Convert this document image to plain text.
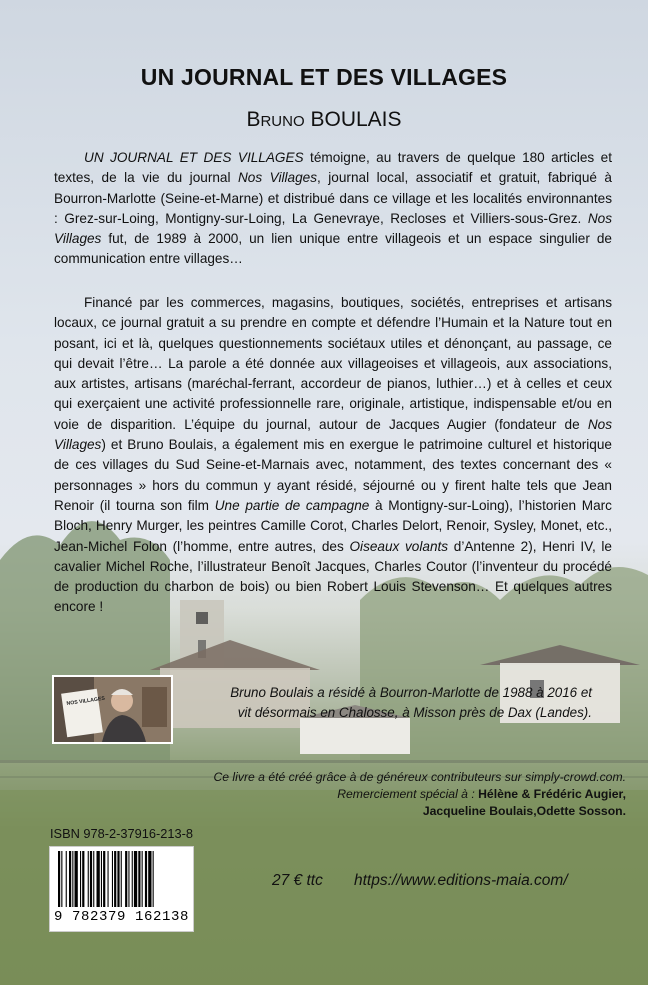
UN JOURNAL ET DES VILLAGES
Bruno BOULAIS

UN JOURNAL ET DES VILLAGES témoigne, au travers de quelque 180 articles et textes, de la vie du journal Nos Villages, journal local, associatif et gratuit, fabriqué à Bourron-Marlotte (Seine-et-Marne) et distribué dans ce village et les localités environnantes : Grez-sur-Loing, Montigny-sur-Loing, La Genevraye, Recloses et Villiers-sous-Grez. Nos Villages fut, de 1989 à 2000, un lien unique entre villageois et un espace singulier de communication entre villages…

Financé par les commerces, magasins, boutiques, sociétés, entreprises et artisans locaux, ce journal gratuit a su prendre en compte et défendre l’Humain et la Nature tout en posant, ici et là, quelques questionnements sociétaux utiles et dénonçant, au passage, ce qui devait l’être… La parole a été donnée aux villageoises et villageois, aux associations, aux artistes, artisans (maréchal-ferrant, accordeur de pianos, luthier…) et à celles et ceux qui exerçaient une activité professionnelle rare, originale, artistique, indispensable et/ou en voie de disparition. L’équipe du journal, autour de Jacques Augier (fondateur de Nos Villages) et Bruno Boulais, a également mis en exergue le patrimoine culturel et historique de ces villages du Sud Seine-et-Marnais avec, notamment, des textes concernant des « personnages » hors du commun y ayant résidé, séjourné ou y firent halte tels que Jean Renoir (il tourna son film Une partie de campagne à Montigny-sur-Loing), l’historien Marc Bloch, Henry Murger, les peintres Camille Corot, Charles Delort, Renoir, Sysley, Monet, etc., Jean-Michel Folon (l’homme, entre autres, des Oiseaux volants d’Antenne 2), Henri IV, le cavalier Michel Roche, l’illustrateur Benoît Jacques, Charles Coutor (l’inventeur du procédé de production du charbon de bois) ou bien Robert Louis Stevenson… Et quelques autres encore !

NOS VILLAGES
Bruno Boulais a résidé à Bourron-Marlotte de 1988 à 2016 et
vit désormais en Chalosse, à Misson près de Dax (Landes).
Ce livre a été créé grâce à de généreux contributeurs sur simply-crowd.com.
Remerciement spécial à : Hélène & Frédéric Augier,
Jacqueline Boulais,Odette Sosson.
ISBN 978-2-37916-213-8
9 782379 162138
27 € ttc https://www.editions-maia.com/
